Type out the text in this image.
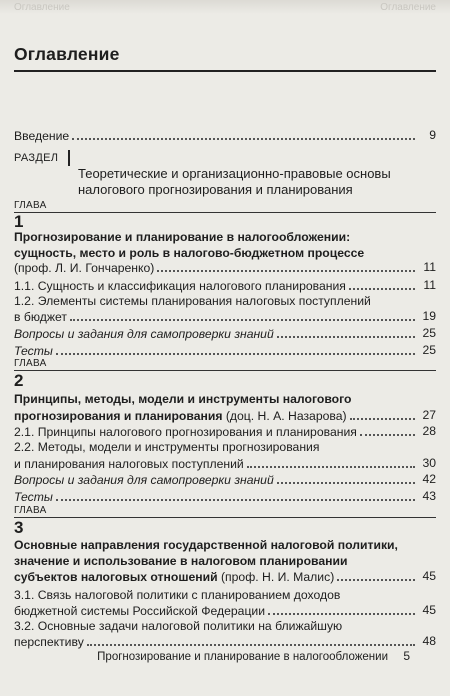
Оглавление	Оглавление
Оглавление
Введение	9
РАЗДЕЛ
Теоретические и организационно-правовые основы налогового прогнозирования и планирования
ГЛАВА
1
Прогнозирование и планирование в налогообложении:
сущность, место и роль в налогово-бюджетном процессе
(проф. Л. И. Гончаренко)	11
1.1. Сущность и классификация налогового планирования	11
1.2. Элементы системы планирования налоговых поступлений
в бюджет	19
Вопросы и задания для самопроверки знаний	25
Тесты	25
ГЛАВА
2
Принципы, методы, модели и инструменты налогового
прогнозирования и планирования (доц. Н. А. Назарова)	27
2.1. Принципы налогового прогнозирования и планирования	28
2.2. Методы, модели и инструменты прогнозирования
и планирования налоговых поступлений	30
Вопросы и задания для самопроверки знаний	42
Тесты	43
ГЛАВА
3
Основные направления государственной налоговой политики,
значение и использование в налоговом планировании
субъектов налоговых отношений (проф. Н. И. Малис)	45
3.1. Связь налоговой политики с планированием доходов
бюджетной системы Российской Федерации	45
3.2. Основные задачи налоговой политики на ближайшую
перспективу	48
Прогнозирование и планирование в налогообложении 5
